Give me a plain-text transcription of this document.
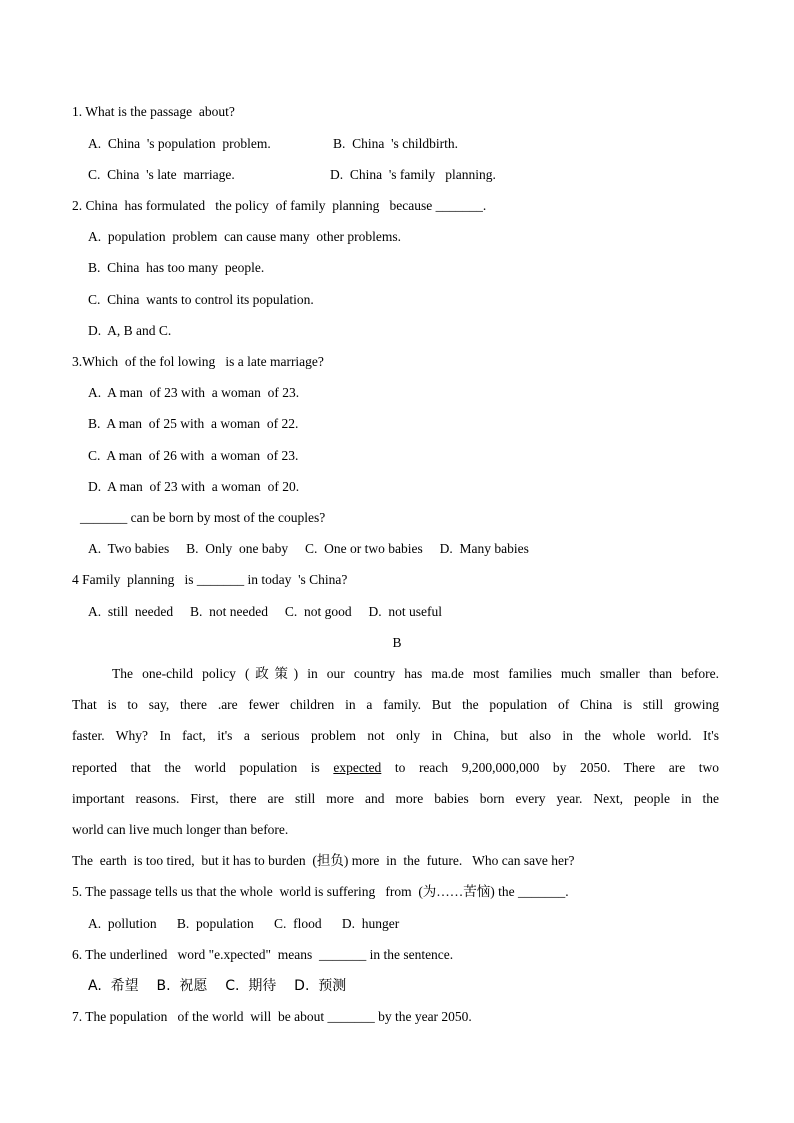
1. What is the passage  about?
A.  China  's population  problem.	B.  China  's childbirth.
C.  China  's late  marriage.	D.  China  's family   planning.
2. China  has formulated   the policy  of family  planning   because _______.
A.  population  problem  can cause many  other problems.
B.  China  has too many  people.
C.  China  wants to control its population.
D.  A, B and C.
3.Which  of the fol lowing   is a late marriage?
A.  A man  of 23 with  a woman  of 23.
B.  A man  of 25 with  a woman  of 22.
C.  A man  of 26 with  a woman  of 23.
D.  A man  of 23 with  a woman  of 20.
_______ can be born by most of the couples?
A.  Two babies     B.  Only  one baby     C.  One or two babies     D.  Many babies
4 Family  planning   is _______ in today  's China?
A.  still  needed     B.  not needed     C.  not good     D.  not useful
B
The one-child policy (政策) in our country has ma.de most families much smaller than before.
That is to say, there .are fewer children in a family. But the population of China is still growing
faster. Why? In fact, it's a serious problem not only in China, but also in the whole world. It's
reported that the world population is expected to reach 9,200,000,000 by 2050. There are two
important reasons. First, there are still more and more babies born every year. Next, people in the
world can live much longer than before.
The  earth  is too tired,  but it has to burden  (担负) more  in  the  future.   Who can save her?
5. The passage tells us that the whole  world is suffering   from  (为……苦恼) the _______.
A.  pollution      B.  population      C.  flood      D.  hunger
6. The underlined   word "e.xpected"  means  _______ in the sentence.
A.  希望    B.  祝愿    C.  期待    D.  预测
7. The population   of the world  will  be about _______ by the year 2050.
